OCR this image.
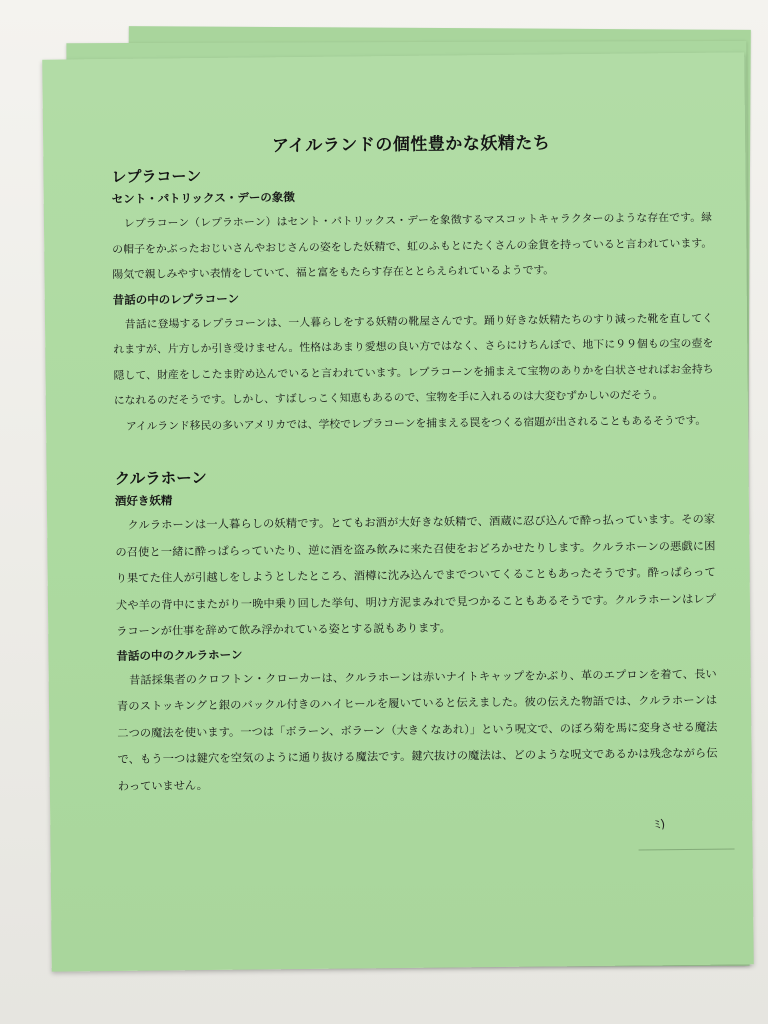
アイルランドの個性豊かな妖精たち
レプラコーン
セント・パトリックス・デーの象徴

レプラコーン（レプラホーン）はセント・パトリックス・デーを象徴するマスコットキャラクターのような存在です。緑の帽子をかぶったおじいさんやおじさんの姿をした妖精で、虹のふもとにたくさんの金貨を持っていると言われています。陽気で親しみやすい表情をしていて、福と富をもたらす存在ととらえられているようです。

昔話の中のレプラコーン

昔話に登場するレプラコーンは、一人暮らしをする妖精の靴屋さんです。踊り好きな妖精たちのすり減った靴を直してくれますが、片方しか引き受けません。性格はあまり愛想の良い方ではなく、さらにけちんぼで、地下に９９個もの宝の壺を隠して、財産をしこたま貯め込んでいると言われています。レプラコーンを捕まえて宝物のありかを白状させればお金持ちになれるのだそうです。しかし、すばしっこく知恵もあるので、宝物を手に入れるのは大変むずかしいのだそう。

アイルランド移民の多いアメリカでは、学校でレプラコーンを捕まえる罠をつくる宿題が出されることもあるそうです。

クルラホーン
酒好き妖精

クルラホーンは一人暮らしの妖精です。とてもお酒が大好きな妖精で、酒蔵に忍び込んで酔っ払っています。その家の召使と一緒に酔っぱらっていたり、逆に酒を盗み飲みに来た召使をおどろかせたりします。クルラホーンの悪戯に困り果てた住人が引越しをしようとしたところ、酒樽に沈み込んでまでついてくることもあったそうです。酔っぱらって犬や羊の背中にまたがり一晩中乗り回した挙句、明け方泥まみれで見つかることもあるそうです。クルラホーンはレプラコーンが仕事を辞めて飲み浮かれている姿とする説もあります。

昔話の中のクルラホーン

昔話採集者のクロフトン・クローカーは、クルラホーンは赤いナイトキャップをかぶり、革のエプロンを着て、長い青のストッキングと銀のバックル付きのハイヒールを履いていると伝えました。彼の伝えた物語では、クルラホーンは二つの魔法を使います。一つは「ボラーン、ボラーン（大きくなあれ）」という呪文で、のぼろ菊を馬に変身させる魔法で、もう一つは鍵穴を空気のように通り抜ける魔法です。鍵穴抜けの魔法は、どのような呪文であるかは残念ながら伝わっていません。

ﾐ)
